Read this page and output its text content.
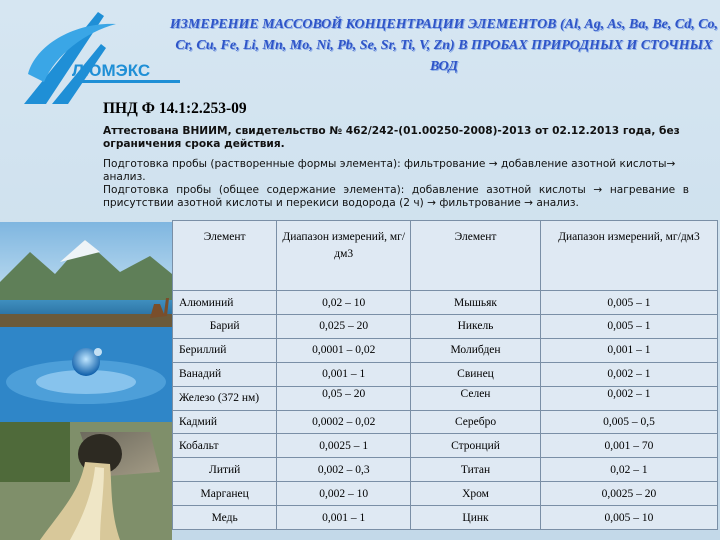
ЛЮМЭКС
ИЗМЕРЕНИЕ МАССОВОЙ КОНЦЕНТРАЦИИ ЭЛЕМЕНТОВ (Al, Ag, As, Ba, Be, Cd, Co, Cr, Cu, Fe, Li, Mn, Mo, Ni, Pb, Se, Sr, Ti, V, Zn) В ПРОБАХ ПРИРОДНЫХ И СТОЧНЫХ ВОД
ПНД Ф 14.1:2.253-09
Аттестована ВНИИМ, свидетельство № 462/242-(01.00250-2008)-2013 от 02.12.2013 года, без ограничения срока действия.
Подготовка пробы (растворенные формы элемента): фильтрование → добавление азотной кислоты→ анализ.
Подготовка пробы (общее содержание элемента): добавление азотной кислоты → нагревание в присутствии азотной кислоты и перекиси водорода (2 ч) → фильтрование → анализ.
Элемент	Диапазон измерений, мг/дм3	Элемент	Диапазон измерений, мг/дм3
Алюминий	0,02 – 10	Мышьяк	0,005 – 1
Барий	0,025 – 20	Никель	0,005 – 1
Бериллий	0,0001 – 0,02	Молибден	0,001 – 1
Ванадий	0,001 – 1	Свинец	0,002 – 1
Железо (372 нм)	0,05 – 20	Селен	0,002 – 1
Кадмий	0,0002 – 0,02	Серебро	0,005 – 0,5
Кобальт	0,0025 – 1	Стронций	0,001 – 70
Литий	0,002 – 0,3	Титан	0,02 – 1
Марганец	0,002 – 10	Хром	0,0025 – 20
Медь	0,001 – 1	Цинк	0,005 – 10
